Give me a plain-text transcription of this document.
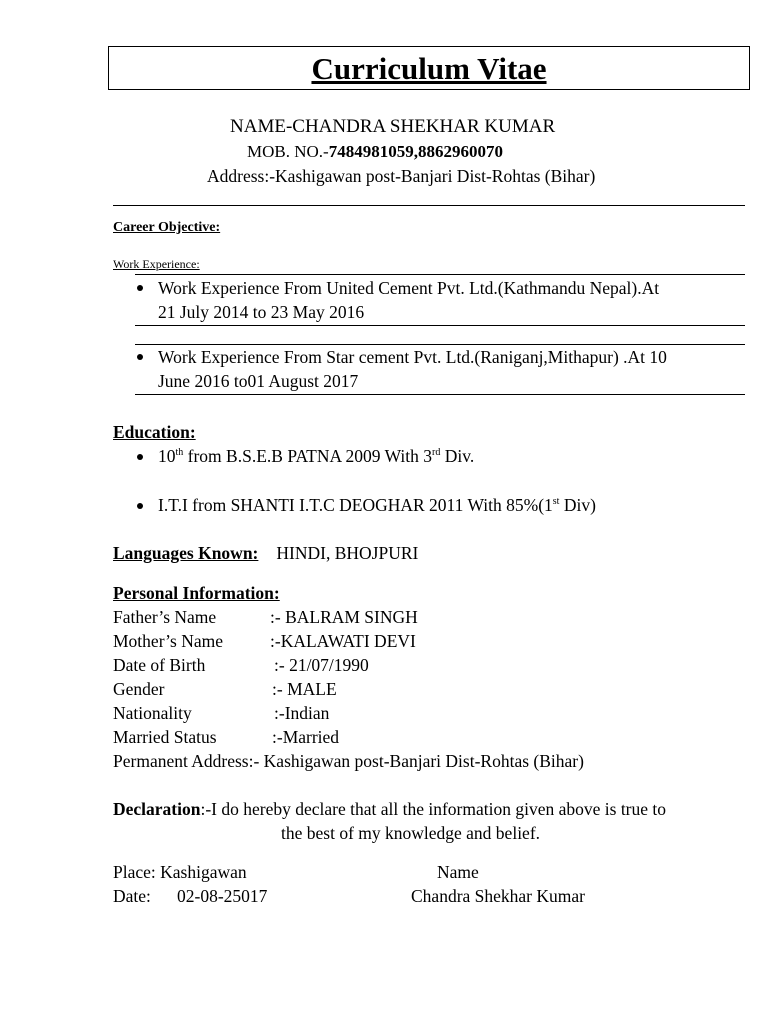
Curriculum Vitae
NAME-CHANDRA SHEKHAR KUMAR
MOB. NO.-7484981059,8862960070
Address:-Kashigawan post-Banjari Dist-Rohtas (Bihar)
Career Objective:
Work Experience:
Work Experience From United Cement Pvt. Ltd.(Kathmandu Nepal).At
21 July 2014 to 23 May 2016
Work Experience From Star cement Pvt. Ltd.(Raniganj,Mithapur) .At 10
June 2016 to01 August 2017
Education:
10th from B.S.E.B PATNA 2009 With 3rd Div.
I.T.I from SHANTI I.T.C DEOGHAR 2011 With 85%(1st Div)
Languages Known: HINDI, BHOJPURI
Personal Information:
Father’s Name	:- BALRAM SINGH
Mother’s Name	:-KALAWATI DEVI
Date of Birth	:- 21/07/1990
Gender	:- MALE
Nationality	:-Indian
Married Status	:-Married
Permanent Address:- Kashigawan post-Banjari Dist-Rohtas (Bihar)
Declaration:-I do hereby declare that all the information given above is true to
the best of my knowledge and belief.
Place: Kashigawan	Name
Date: 02-08-25017	Chandra Shekhar Kumar
